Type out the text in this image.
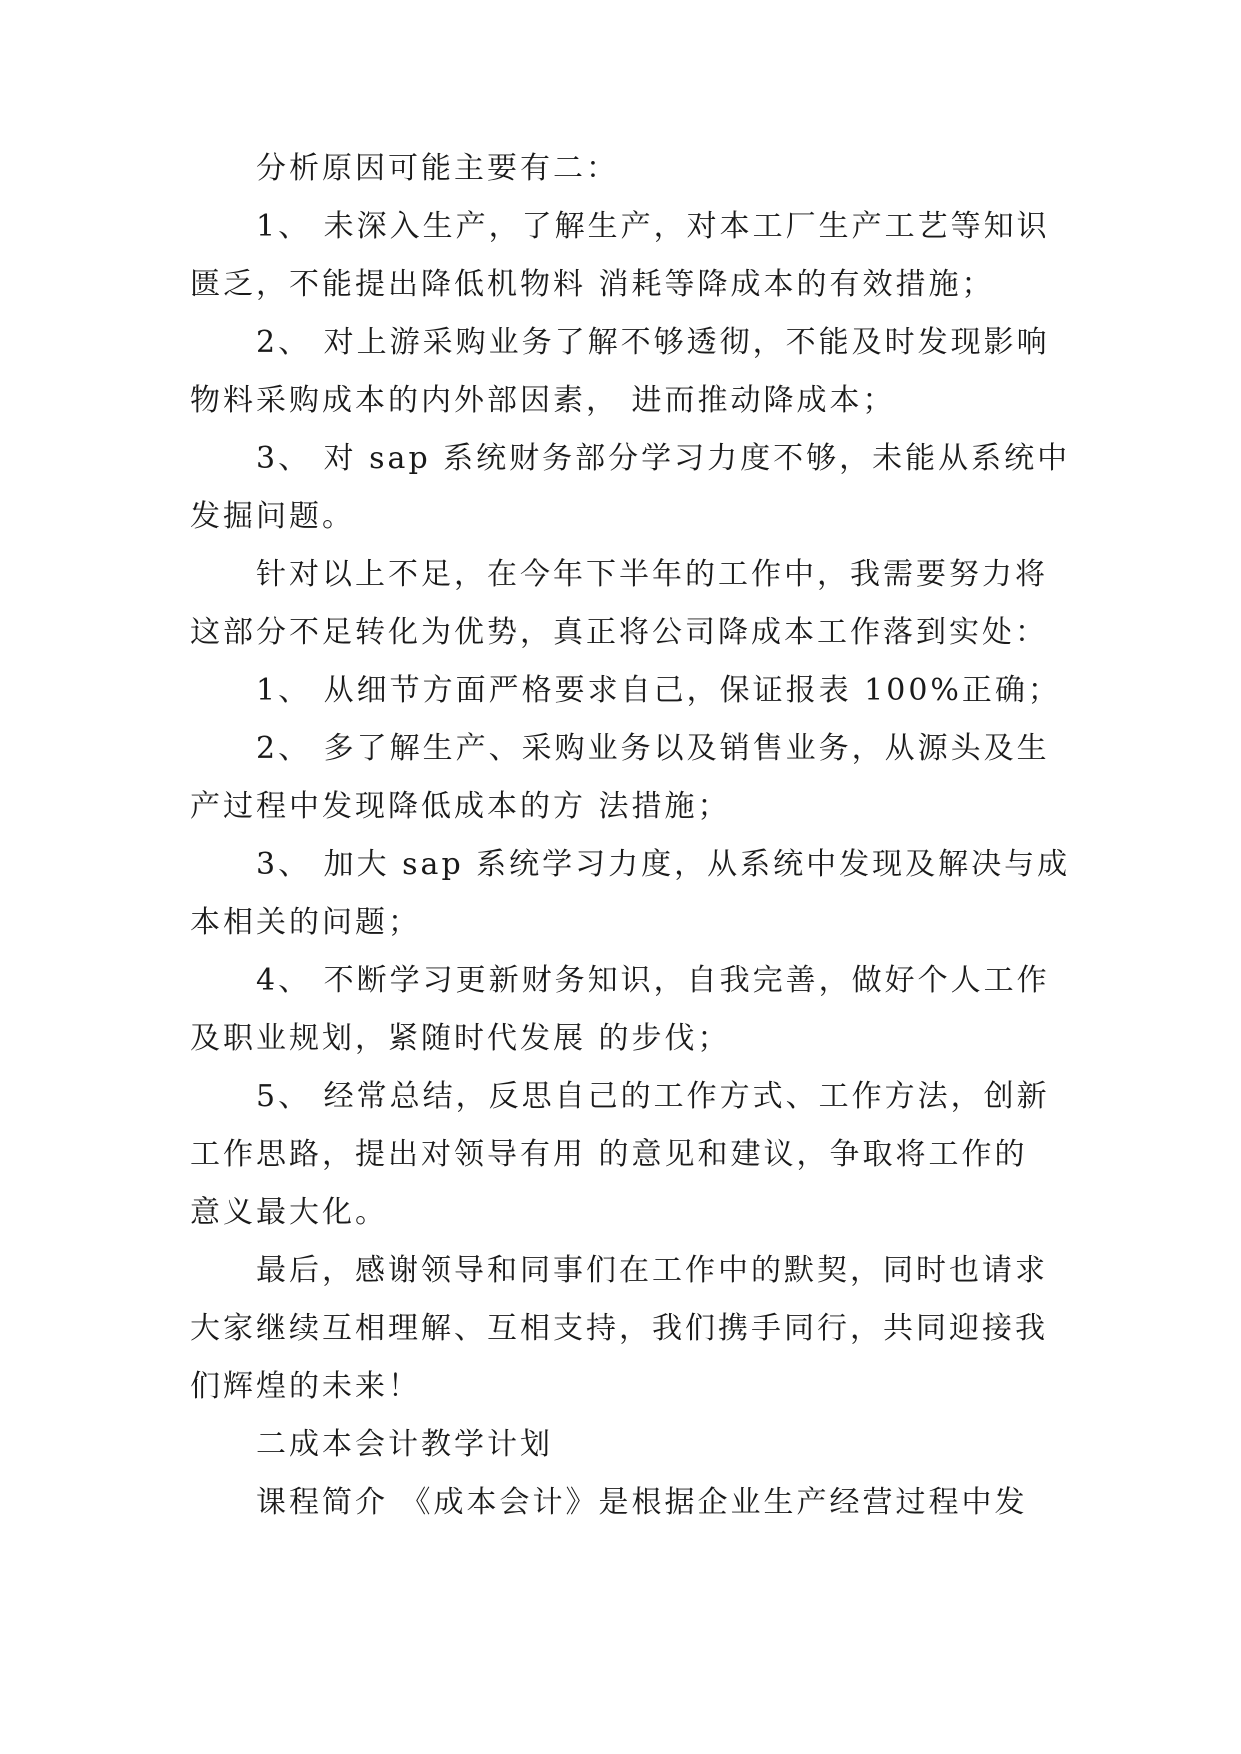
分析原因可能主要有二：

1、 未深入生产，了解生产，对本工厂生产工艺等知识
匮乏，不能提出降低机物料 消耗等降成本的有效措施；

2、 对上游采购业务了解不够透彻，不能及时发现影响
物料采购成本的内外部因素， 进而推动降成本；

3、 对 sap 系统财务部分学习力度不够，未能从系统中
发掘问题。

针对以上不足，在今年下半年的工作中，我需要努力将
这部分不足转化为优势，真正将公司降成本工作落到实处：

1、 从细节方面严格要求自己，保证报表 100%正确；

2、 多了解生产、采购业务以及销售业务，从源头及生
产过程中发现降低成本的方 法措施；

3、 加大 sap 系统学习力度，从系统中发现及解决与成
本相关的问题；

4、 不断学习更新财务知识，自我完善，做好个人工作
及职业规划，紧随时代发展 的步伐；

5、 经常总结，反思自己的工作方式、工作方法，创新
工作思路，提出对领导有用 的意见和建议，争取将工作的
意义最大化。

最后，感谢领导和同事们在工作中的默契，同时也请求
大家继续互相理解、互相支持，我们携手同行，共同迎接我
们辉煌的未来！

二成本会计教学计划

课程简介 《成本会计》是根据企业生产经营过程中发
